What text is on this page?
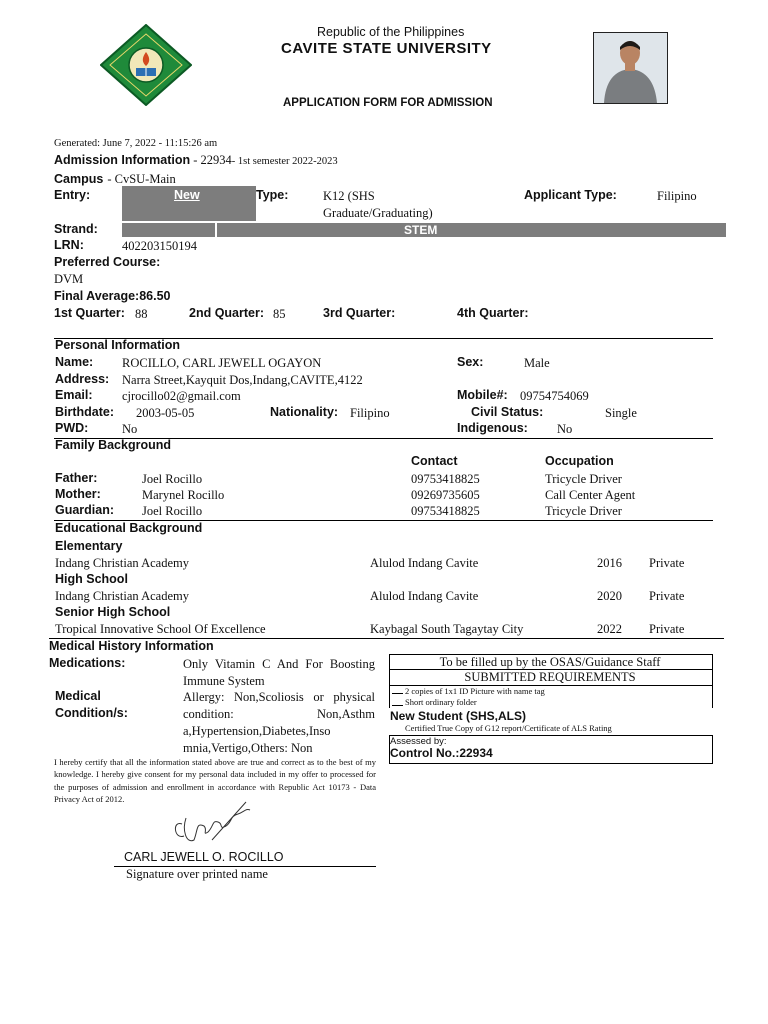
Republic of the Philippines
CAVITE STATE UNIVERSITY
APPLICATION FORM FOR ADMISSION
Generated: June 7, 2022 - 11:15:26 am
Admission Information - 22934- 1st semester 2022-2023
Campus - CvSU-Main
Entry:	New	Type:	K12 (SHS
Graduate/Graduating)
Applicant Type:	Filipino
Strand:	STEM
LRN:	402203150194
Preferred Course:
DVM
Final Average:86.50
1st Quarter: 88	2nd Quarter: 85	3rd Quarter:	4th Quarter:
Personal Information
Name: ROCILLO, CARL JEWELL OGAYON	Sex:	Male
Address: Narra Street,Kayquit Dos,Indang,CAVITE,4122
Email: cjrocillo02@gmail.com	Mobile#: 09754754069
Birthdate: 2003-05-05	Nationality: Filipino	Civil Status:	Single
PWD:	No	Indigenous: No
Family Background
Contact	Occupation
Father:	Joel Rocillo	09753418825	Tricycle Driver
Mother:	Marynel Rocillo	09269735605	Call Center Agent
Guardian: Joel Rocillo	09753418825	Tricycle Driver
Educational Background
Elementary
Indang Christian Academy	Alulod Indang Cavite	2016 Private
High School
Indang Christian Academy	Alulod Indang Cavite	2020 Private
Senior High School
Tropical Innovative School Of Excellence	Kaybagal South Tagaytay City	2022 Private
Medical History Information
Medications:	Only Vitamin C And For Boosting Immune System
Medical
Condition/s:
Allergy: Non,Scoliosis or physical condition: Non,Asthm a,Hypertension,Diabetes,Inso mnia,Vertigo,Others: Non
I hereby certify that all the information stated above are true and correct as to the best of my knowledge. I hereby give consent for my personal data included in my offer to processed for the purposes of admission and enrollment in accordance with Republic Act 10173 - Data Privacy Act of 2012.
CARL JEWELL O. ROCILLO
Signature over printed name
To be filled up by the OSAS/Guidance Staff
SUBMITTED REQUIREMENTS
2 copies of 1x1 ID Picture with name tag
Short ordinary folder
New Student (SHS,ALS)
Certified True Copy of G12 report/Certificate of ALS Rating
Assessed by:
Control No.:22934
